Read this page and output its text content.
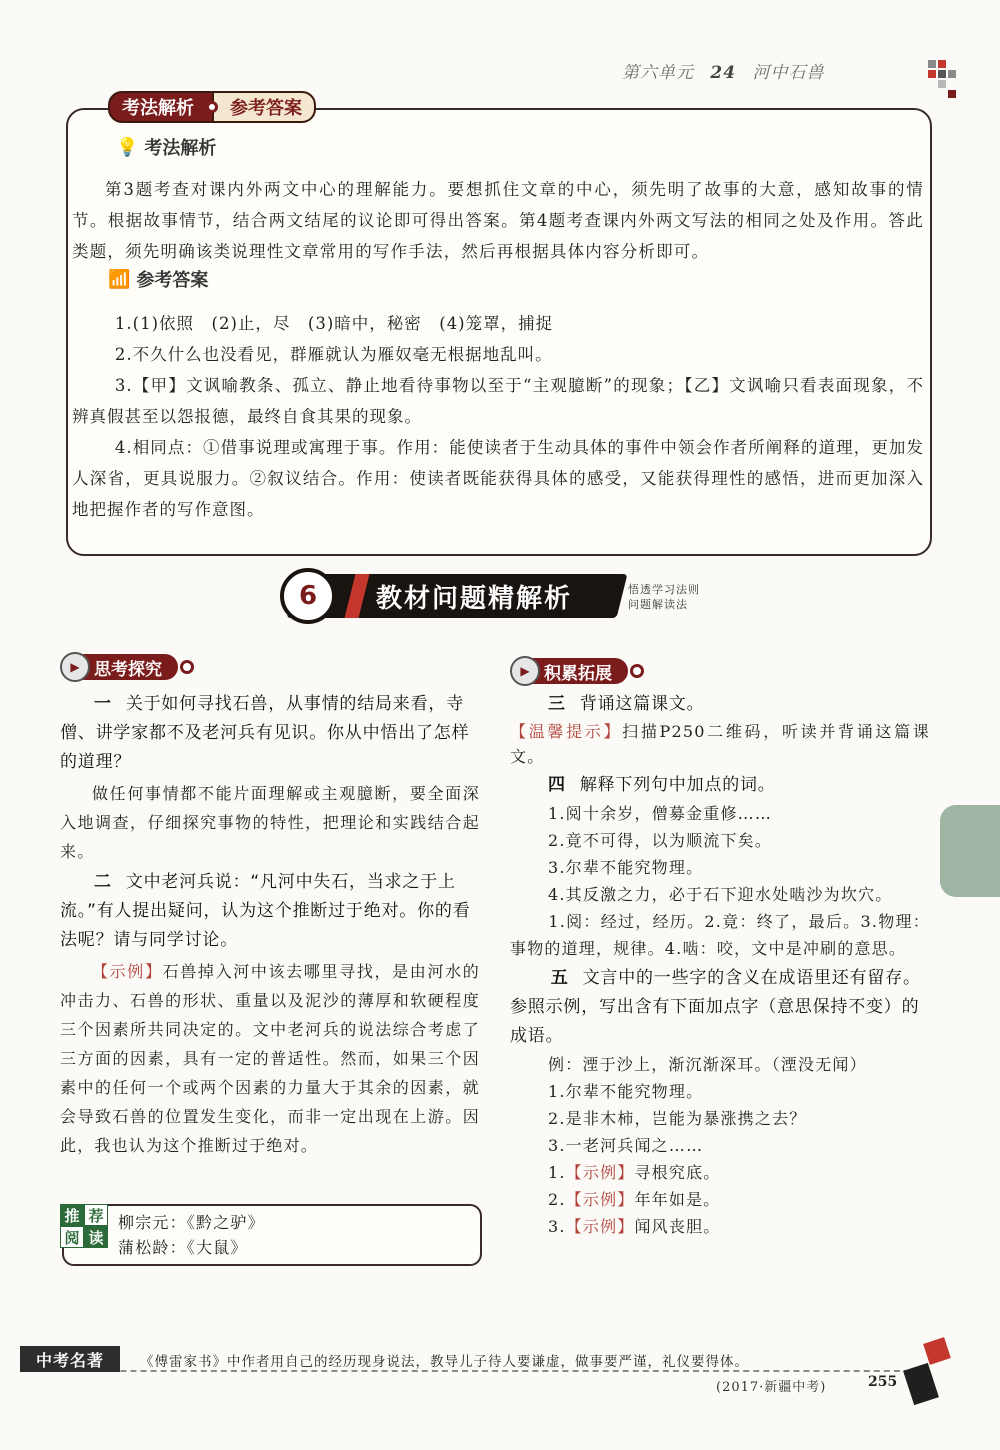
第六单元 24 河中石兽
考法解析	参考答案
💡 考法解析
第3题考查对课内外两文中心的理解能力。要想抓住文章的中心，须先明了故事的大意，感知故事的情节。根据故事情节，结合两文结尾的议论即可得出答案。第4题考查课内外两文写法的相同之处及作用。答此类题，须先明确该类说理性文章常用的写作手法，然后再根据具体内容分析即可。
📶 参考答案
1.(1)依照　(2)止，尽　(3)暗中，秘密　(4)笼罩，捕捉
2.不久什么也没看见，群雁就认为雁奴毫无根据地乱叫。
3.【甲】文讽喻教条、孤立、静止地看待事物以至于“主观臆断”的现象；【乙】文讽喻只看表面现象，不辨真假甚至以怨报德，最终自食其果的现象。
4.相同点：①借事说理或寓理于事。作用：能使读者于生动具体的事件中领会作者所阐释的道理，更加发人深省，更具说服力。②叙议结合。作用：使读者既能获得具体的感受，又能获得理性的感悟，进而更加深入地把握作者的写作意图。
6	教材问题精解析	悟透学习法则
问题解读法
▶ 思考探究
一 关于如何寻找石兽，从事情的结局来看，寺僧、讲学家都不及老河兵有见识。你从中悟出了怎样的道理？
做任何事情都不能片面理解或主观臆断，要全面深入地调查，仔细探究事物的特性，把理论和实践结合起来。
二 文中老河兵说：“凡河中失石，当求之于上流。”有人提出疑问，认为这个推断过于绝对。你的看法呢？请与同学讨论。
【示例】石兽掉入河中该去哪里寻找，是由河水的冲击力、石兽的形状、重量以及泥沙的薄厚和软硬程度三个因素所共同决定的。文中老河兵的说法综合考虑了三方面的因素，具有一定的普适性。然而，如果三个因素中的任何一个或两个因素的力量大于其余的因素，就会导致石兽的位置发生变化，而非一定出现在上游。因此，我也认为这个推断过于绝对。
推 荐
阅 读
柳宗元：《黔之驴》
蒲松龄：《大鼠》
▶ 积累拓展
三 背诵这篇课文。
【温馨提示】扫描P250二维码，听读并背诵这篇课文。
四 解释下列句中加点的词。
1.阅十余岁，僧募金重修……
2.竟不可得，以为顺流下矣。
3.尔辈不能究物理。
4.其反激之力，必于石下迎水处啮沙为坎穴。
1.阅：经过，经历。2.竟：终了，最后。3.物理：事物的道理，规律。4.啮：咬，文中是冲刷的意思。
五 文言中的一些字的含义在成语里还有留存。参照示例，写出含有下面加点字（意思保持不变）的成语。
例：湮于沙上，渐沉渐深耳。（湮没无闻）
1.尔辈不能究物理。
2.是非木柿，岂能为暴涨携之去？
3.一老河兵闻之……
1.【示例】寻根究底。
2.【示例】年年如是。
3.【示例】闻风丧胆。
中考名著	《傅雷家书》中作者用自己的经历现身说法，教导儿子待人要谦虚，做事要严谨，礼仪要得体。
(2017·新疆中考)	255
